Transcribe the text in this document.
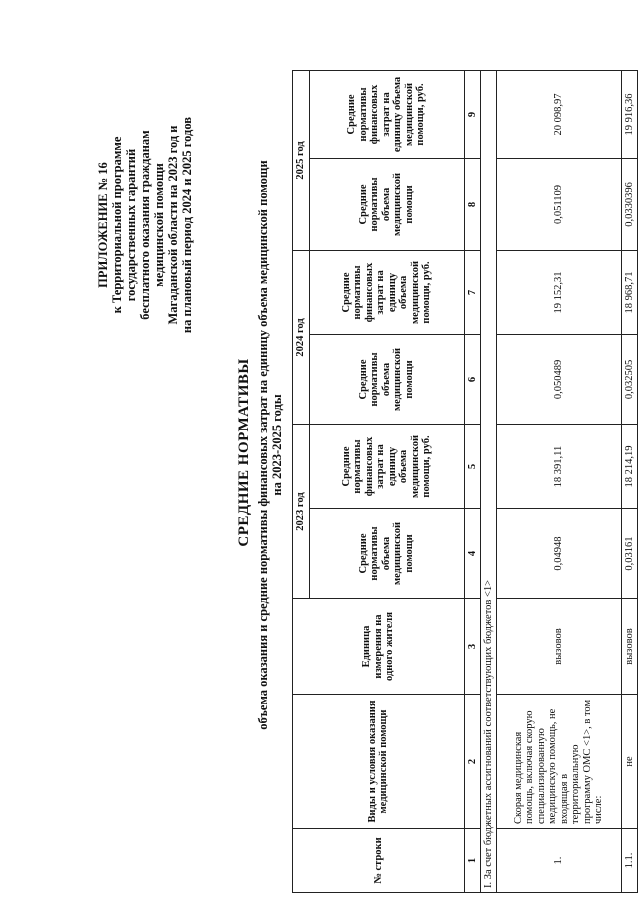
ПРИЛОЖЕНИЕ № 16 к Территориальной программе государственных гарантий бесплатного оказания гражданам медицинской помощи Магаданской области на 2023 год и на плановый период 2024 и 2025 годов
СРЕДНИЕ НОРМАТИВЫ объема оказания и средние нормативы финансовых затрат на единицу объема медицинской помощи на 2023-2025 годы
№ строки	Виды и условия оказания медицинской помощи	Единица измерения на одного жителя	2023 год		2024 год		2025 год	
			Средние нормативы объема медицинской помощи	Средние нормативы финансовых затрат на единицу объема медицинской помощи, руб.	Средние нормативы объема медицинской помощи	Средние нормативы финансовых затрат на единицу объема медицинской помощи, руб.	Средние нормативы объема медицинской помощи	Средние нормативы финансовых затрат на единицу объема медицинской помощи, руб.
1	2	3	4	5	6	7	8	9
I. За счет бюджетных ассигнований соответствующих бюджетов <1>								
1.	Скорая медицинская помощь, включая скорую специализированную медицинскую помощь, не входящая в территориальную программу ОМС <1>, в том числе:	вызовов	0,04948	18 391,11	0,050489	19 152,31	0,051109	20 098,97
1.1.	не	вызовов	0,03161	18 214,19	0,032505	18 968,71	0,0330396	19 916,36
